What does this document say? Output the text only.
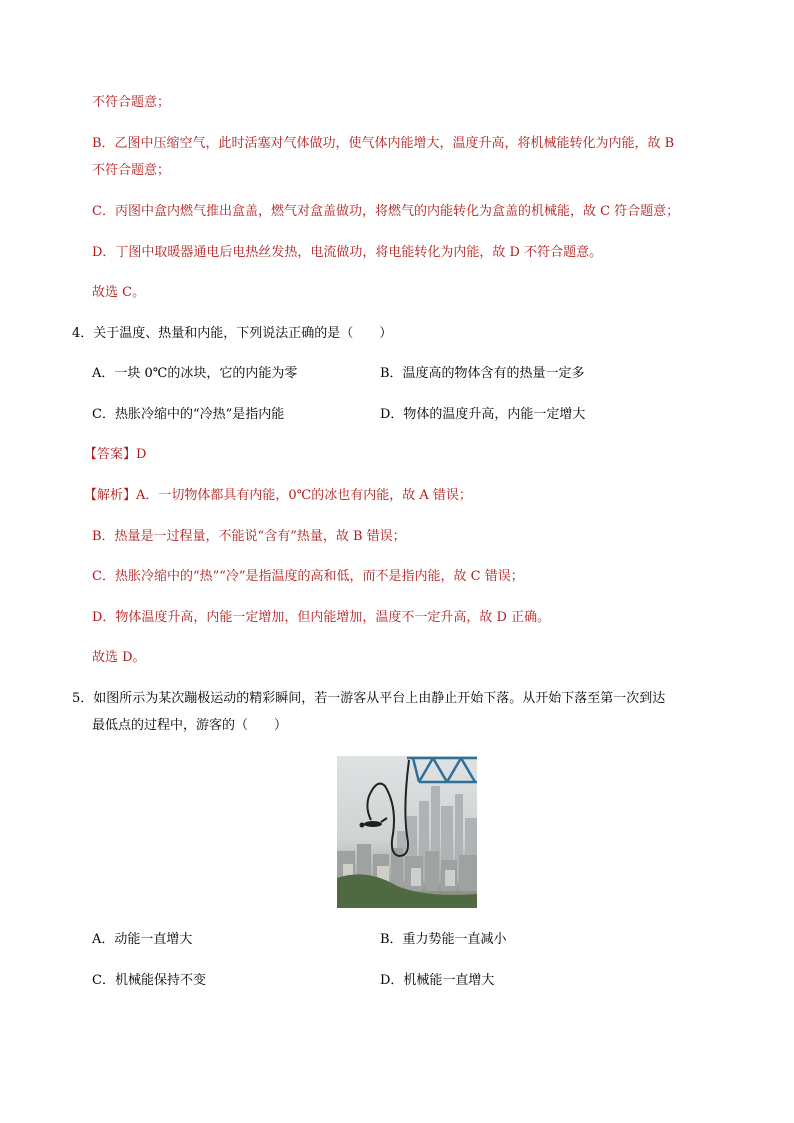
不符合题意；
B．乙图中压缩空气，此时活塞对气体做功，使气体内能增大，温度升高，将机械能转化为内能，故 B
不符合题意；
C．丙图中盒内燃气推出盒盖，燃气对盒盖做功，将燃气的内能转化为盒盖的机械能，故 C 符合题意；
D．丁图中取暖器通电后电热丝发热，电流做功，将电能转化为内能，故 D 不符合题意。
故选 C。
4．关于温度、热量和内能，下列说法正确的是（　　）
A．一块 0℃的冰块，它的内能为零	B．温度高的物体含有的热量一定多
C．热胀冷缩中的“冷热”是指内能	D．物体的温度升高，内能一定增大
【答案】D
【解析】A．一切物体都具有内能，0℃的冰也有内能，故 A 错误；
B．热量是一过程量，不能说“含有”热量，故 B 错误；
C．热胀冷缩中的“热”“冷”是指温度的高和低，而不是指内能，故 C 错误；
D．物体温度升高，内能一定增加，但内能增加，温度不一定升高，故 D 正确。
故选 D。
5．如图所示为某次蹦极运动的精彩瞬间，若一游客从平台上由静止开始下落。从开始下落至第一次到达
最低点的过程中，游客的（　　）
A．动能一直增大	B．重力势能一直减小
C．机械能保持不变	D．机械能一直增大
